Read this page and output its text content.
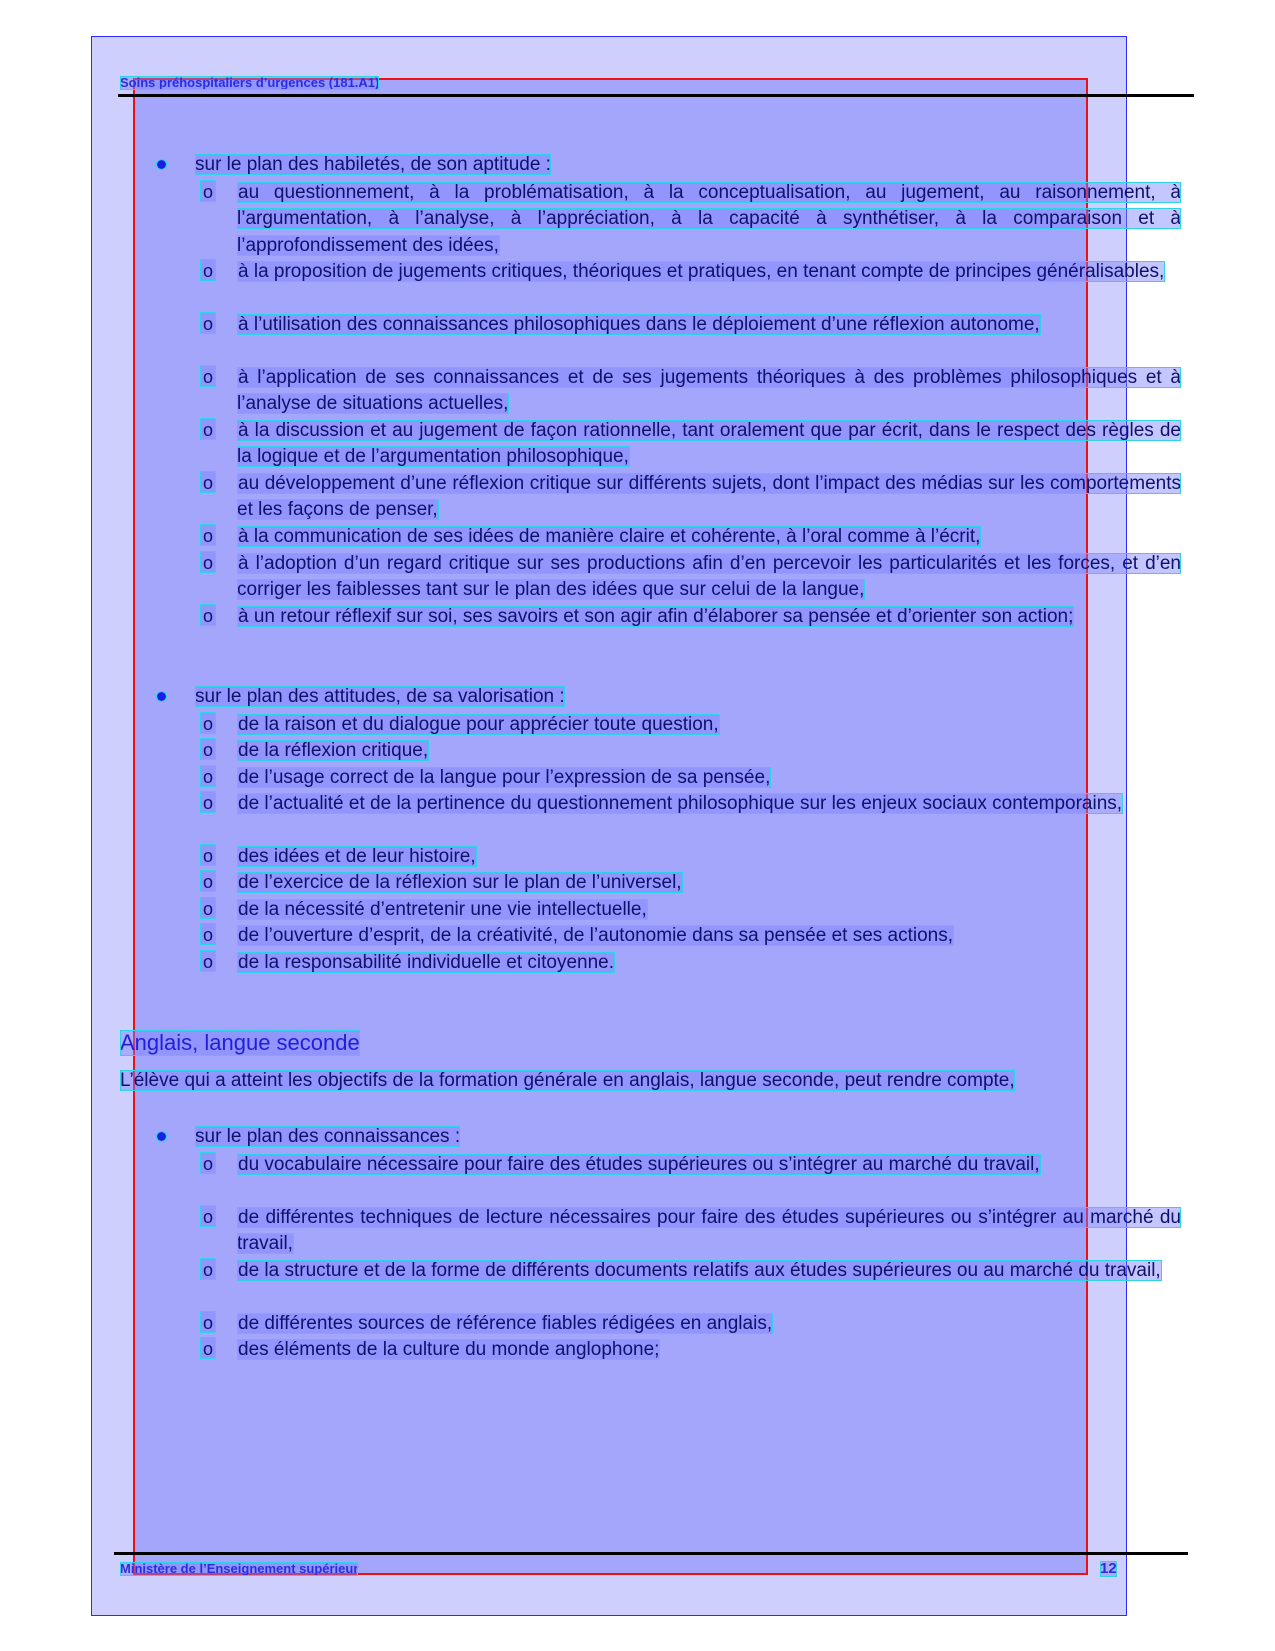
Soins préhospitaliers d’urgences (181.A1)
sur le plan des habiletés, de son aptitude :
o au questionnement, à la problématisation, à la conceptualisation, au jugement, au raisonnement, à l’argumentation, à l’analyse, à l’appréciation, à la capacité à synthétiser, à la comparaison et à l’approfondissement des idées,
o à la proposition de jugements critiques, théoriques et pratiques, en tenant compte de principes généralisables,
o à l’utilisation des connaissances philosophiques dans le déploiement d’une réflexion autonome,
o à l’application de ses connaissances et de ses jugements théoriques à des problèmes philosophiques et à l’analyse de situations actuelles,
o à la discussion et au jugement de façon rationnelle, tant oralement que par écrit, dans le respect des règles de la logique et de l’argumentation philosophique,
o au développement d’une réflexion critique sur différents sujets, dont l’impact des médias sur les comportements et les façons de penser,
o à la communication de ses idées de manière claire et cohérente, à l’oral comme à l’écrit,
o à l’adoption d’un regard critique sur ses productions afin d’en percevoir les particularités et les forces, et d’en corriger les faiblesses tant sur le plan des idées que sur celui de la langue,
o à un retour réflexif sur soi, ses savoirs et son agir afin d’élaborer sa pensée et d’orienter son action;
sur le plan des attitudes, de sa valorisation :
o de la raison et du dialogue pour apprécier toute question,
o de la réflexion critique,
o de l’usage correct de la langue pour l’expression de sa pensée,
o de l’actualité et de la pertinence du questionnement philosophique sur les enjeux sociaux contemporains,
o des idées et de leur histoire,
o de l’exercice de la réflexion sur le plan de l’universel,
o de la nécessité d’entretenir une vie intellectuelle,
o de l’ouverture d’esprit, de la créativité, de l’autonomie dans sa pensée et ses actions,
o de la responsabilité individuelle et citoyenne.
Anglais, langue seconde
L’élève qui a atteint les objectifs de la formation générale en anglais, langue seconde, peut rendre compte,
sur le plan des connaissances :
o du vocabulaire nécessaire pour faire des études supérieures ou s’intégrer au marché du travail,
o de différentes techniques de lecture nécessaires pour faire des études supérieures ou s’intégrer au marché du travail,
o de la structure et de la forme de différents documents relatifs aux études supérieures ou au marché du travail,
o de différentes sources de référence fiables rédigées en anglais,
o des éléments de la culture du monde anglophone;
Ministère de l’Enseignement supérieur	12
